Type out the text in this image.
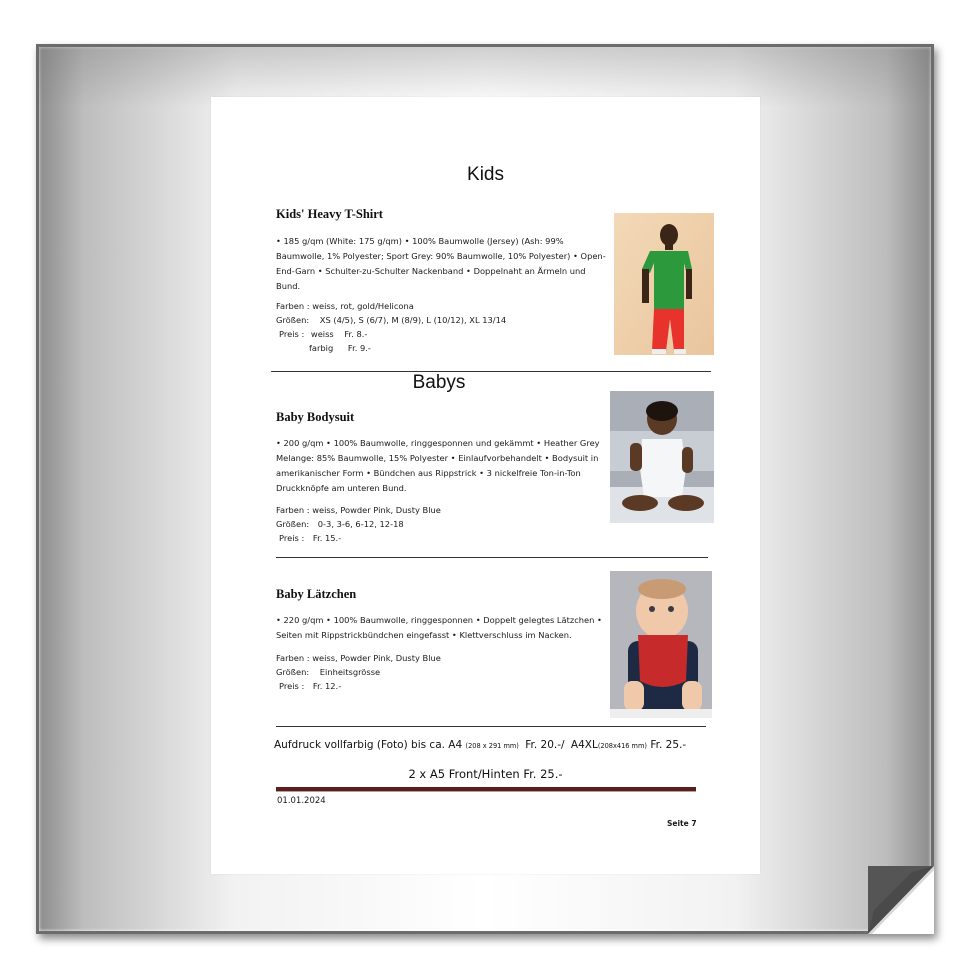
Kids
Kids' Heavy T-Shirt
• 185 g/qm (White: 175 g/qm) • 100% Baumwolle (Jersey) (Ash: 99% Baumwolle, 1% Polyester; Sport Grey: 90% Baumwolle, 10% Polyester) • Open-End-Garn • Schulter-zu-Schulter Nackenband • Doppelnaht an Ärmeln und Bund.
Farben : weiss, rot, gold/Helicona
Größen: XS (4/5), S (6/7), M (8/9), L (10/12), XL 13/14
Preis : weiss Fr. 8.-
farbig Fr. 9.-
Babys
Baby Bodysuit
• 200 g/qm • 100% Baumwolle, ringgesponnen und gekämmt • Heather Grey Melange: 85% Baumwolle, 15% Polyester • Einlaufvorbehandelt • Bodysuit in amerikanischer Form • Bündchen aus Rippstrick • 3 nickelfreie Ton-in-Ton Druckknöpfe am unteren Bund.
Farben : weiss, Powder Pink, Dusty Blue
Größen: 0-3, 3-6, 6-12, 12-18
Preis : Fr. 15.-
Baby Lätzchen
• 220 g/qm • 100% Baumwolle, ringgesponnen • Doppelt gelegtes Lätzchen • Seiten mit Rippstrickbündchen eingefasst • Klettverschluss im Nacken.
Farben : weiss, Powder Pink, Dusty Blue
Größen: Einheitsgrösse
Preis : Fr. 12.-
Aufdruck vollfarbig (Foto) bis ca. A4 (208 x 291 mm) Fr. 20.-/ A4XL(208x416 mm) Fr. 25.-
2 x A5 Front/Hinten Fr. 25.-
01.01.2024
Seite 7
